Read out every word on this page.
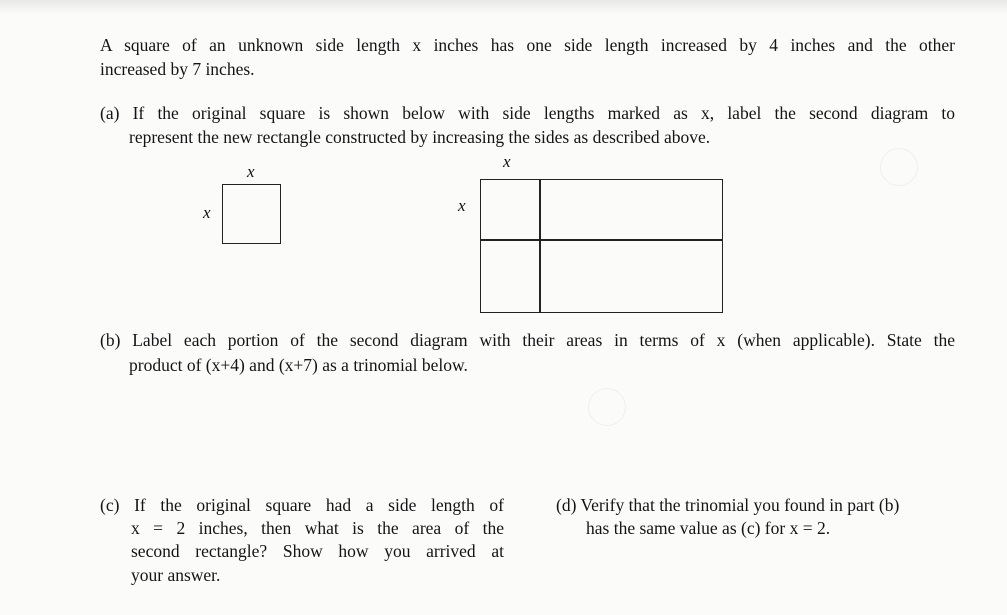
A square of an unknown side length x inches has one side length increased by 4 inches and the other
increased by 7 inches.
(a) If the original square is shown below with side lengths marked as x, label the second diagram to
represent the new rectangle constructed by increasing the sides as described above.
x
x
x
x
(b) Label each portion of the second diagram with their areas in terms of x (when applicable). State the
product of (x+4) and (x+7) as a trinomial below.
(c) If the original square had a side length of
x = 2 inches, then what is the area of the
second rectangle? Show how you arrived at
your answer.
(d) Verify that the trinomial you found in part (b)
has the same value as (c) for x = 2.
